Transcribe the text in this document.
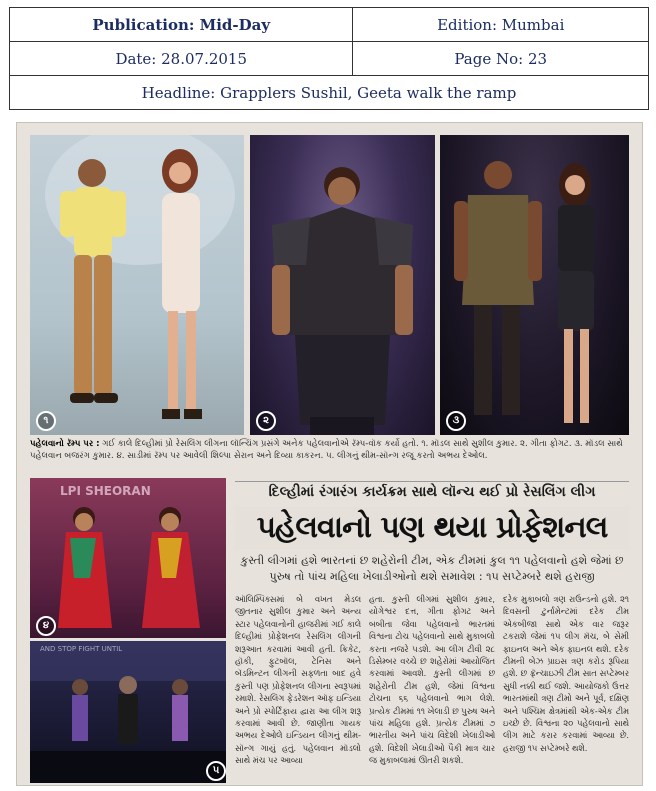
Publication: Mid-Day	Edition: Mumbai
Date: 28.07.2015	Page No: 23
Headline: Grapplers Sushil, Geeta walk the ramp	
૧	૨	૩
પહેલવાનો રૅમ્પ પર : ગઈ કાલે દિલ્હીમાં પ્રો રેસલિંગ લીગના લૉન્ચિંગ પ્રસંગે અનેક પહેલવાનોએ રૅમ્પ-વૉક કર્યો હતો. ૧. મૉડલ સાથે સુશીલ કુમાર. ૨. ગીતા ફોગટ. ૩. મૉડલ સાથે પહેલવાન બજરંગ કુમાર. ૪. સાડીમાં રૅમ્પ પર આવેલી શિલ્પા સેરાન અને દિવ્યા કાકરન. ૫. લીગનું થીમ-સૉન્ગ રજૂ કરતો અભય દેઓલ.
LPI SHEORAN
૪
AND STOP FIGHT UNTIL
૫
દિલ્હીમાં રંગારંગ કાર્યક્રમ સાથે લૉન્ચ થઈ પ્રો રેસલિંગ લીગ
પહેલવાનો પણ થયા પ્રોફેશનલ
કુસ્તી લીગમાં હશે ભારતનાં છ શહેરોની ટીમ, એક ટીમમાં કુલ ૧૧ પહેલવાનો હશે જેમાં છ પુરુષ તો પાંચ મહિલા ખેલાડીઓનો થશે સમાવેશ : ૧૫ સપ્ટેમ્બરે થશે હરાજી

ઑલિમ્પિક્સમાં બે વખત મેડલ જીતનાર સુશીલ કુમાર અને અન્ય સ્ટાર પહેલવાનોની હાજરીમાં ગઈ કાલે દિલ્હીમાં પ્રોફેશનલ રેસલિંગ લીગની શરૂઆત કરવામાં આવી હતી. ક્રિકેટ, હૉકી, ફુટબૉલ, ટેનિસ અને બૅડમિન્ટન લીગની સફળતા બાદ હવે કુસ્તી પણ પ્રોફેશનલ લીગના સ્વરૂપમાં રમાશે. રેસલિંગ ફેડરેશન ઑફ ઇન્ડિયા અને પ્રો સ્પોર્ટિફાય દ્વારા આ લીગ શરૂ કરવામાં આવી છે. જાણીતા ગાયક અભય દેઓલે ઇન્ડિયન લીગનું થીમ-સૉન્ગ ગાયું હતું. પહેલવાન મૉડલો સાથે મંચ પર આવ્યા

હતા. કુસ્તી લીગમાં સુશીલ કુમાર, યોગેશ્વર દત્ત, ગીતા ફોગટ અને બબીતા જેવા પહેલવાનો ભારતમાં વિશ્વના ટોચ પહેલવાનો સાથે મુકાબલો કરતા નજરે પડશે. આ લીગ ટીવી ૨૮ ડિસેમ્બર વચ્ચે છ શહેરોમાં આયોજિત કરવામાં આવશે. કુસ્તી લીગમાં છ શહેરોની ટીમ હશે, જેમાં વિશ્વના ટોચના ૬૬ પહેલવાનો ભાગ લેશે. પ્રત્યેક ટીમમાં ૧૧ ખેલાડી છ પુરુષ અને પાંચ મહિલા હશે. પ્રત્યેક ટીમમાં ૭ ભારતીય અને પાંચ વિદેશી ખેલાડીઓ હશે. વિદેશી ખેલાડીઓ પૈકી માત્ર ચાર જ મુકાબલામાં ઊતરી શકશે.

દરેક મુકાબલો ત્રણ રાઉન્ડનો હશે. ૨૧ દિવસની ટુર્નામેન્ટમાં દરેક ટીમ એકબીજા સાથે એક વાર જરૂર ટકરાશે જેમાં ૧૫ લીગ મૅચ, બે સેમી ફાઇનલ અને એક ફાઇનલ થશે. દરેક ટીમની બેઝ પ્રાઇસ ત્રણ કરોડ રૂપિયા હશે. છ ફ્રૅન્ચાઇઝી ટીમ સાત સપ્ટેમ્બર સુધી નક્કી થઈ જશે. આયોજકો ઉત્તર ભારતમાંથી ત્રણ ટીમો અને પૂર્વ, દક્ષિણ અને પશ્ચિમ ક્ષેત્રમાંથી એક-એક ટીમ ઇચ્છે છે. વિશ્વના ૨૦ પહેલવાનો સાથે લીગ માટે કરાર કરવામાં આવ્યા છે. હરાજી ૧૫ સપ્ટેમ્બરે થશે.
